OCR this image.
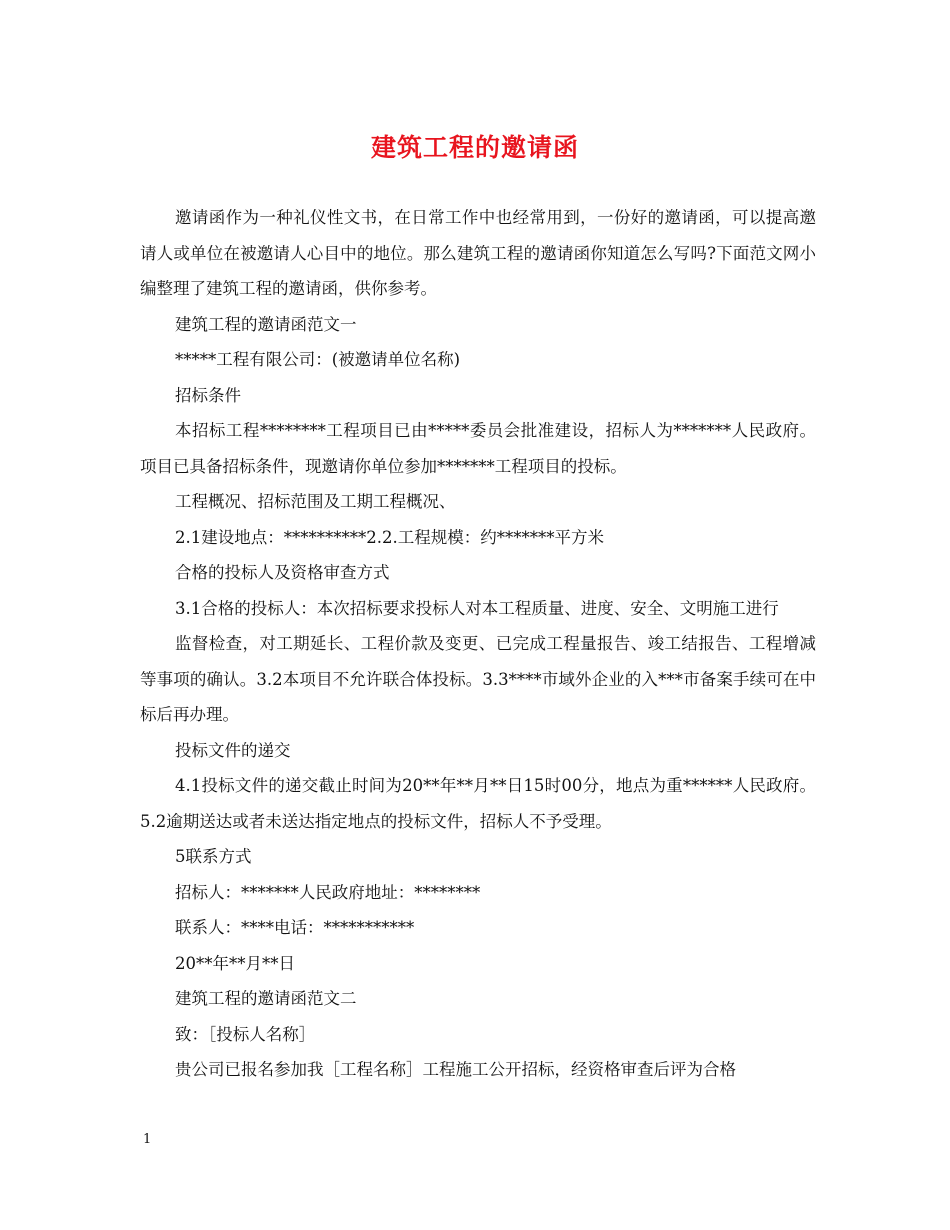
建筑工程的邀请函

邀请函作为一种礼仪性文书，在日常工作中也经常用到，一份好的邀请函，可以提高邀请人或单位在被邀请人心目中的地位。那么建筑工程的邀请函你知道怎么写吗?下面范文网小编整理了建筑工程的邀请函，供你参考。

建筑工程的邀请函范文一

*****工程有限公司：(被邀请单位名称)

招标条件

本招标工程********工程项目已由*****委员会批准建设，招标人为*******人民政府。项目已具备招标条件，现邀请你单位参加*******工程项目的投标。

工程概况、招标范围及工期工程概况、

2.1建设地点：**********2.2.工程规模：约*******平方米

合格的投标人及资格审查方式

3.1合格的投标人：本次招标要求投标人对本工程质量、进度、安全、文明施工进行

监督检查，对工期延长、工程价款及变更、已完成工程量报告、竣工结报告、工程增减等事项的确认。3.2本项目不允许联合体投标。3.3****市域外企业的入***市备案手续可在中标后再办理。

投标文件的递交

4.1投标文件的递交截止时间为20**年**月**日15时00分，地点为重******人民政府。5.2逾期送达或者未送达指定地点的投标文件，招标人不予受理。

5联系方式

招标人：*******人民政府地址：********

联系人：****电话：***********

20**年**月**日

建筑工程的邀请函范文二

致：［投标人名称］

贵公司已报名参加我［工程名称］工程施工公开招标，经资格审查后评为合格

1
